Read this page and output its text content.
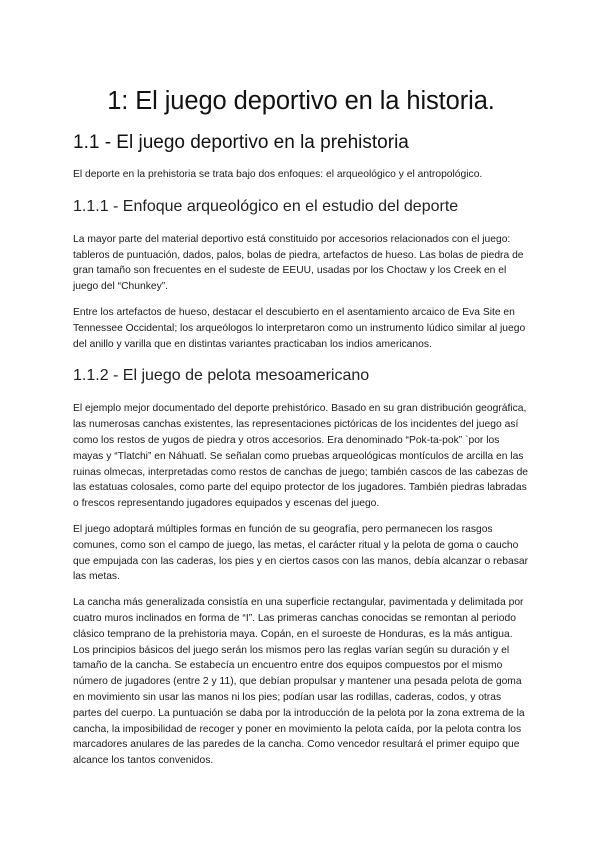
1: El juego deportivo en la historia.
1.1 - El juego deportivo en la prehistoria

El deporte en la prehistoria se trata bajo dos enfoques: el arqueológico y el antropológico.

1.1.1 - Enfoque arqueológico en el estudio del deporte

La mayor parte del material deportivo está constituido por accesorios relacionados con el juego: tableros de puntuación, dados, palos, bolas de piedra, artefactos de hueso. Las bolas de piedra de gran tamaño son frecuentes en el sudeste de EEUU, usadas por los Choctaw y los Creek en el juego del “Chunkey”.

Entre los artefactos de hueso, destacar el descubierto en el asentamiento arcaico de Eva Site en Tennessee Occidental; los arqueólogos lo interpretaron como un instrumento lúdico similar al juego del anillo y varilla que en distintas variantes practicaban los indios americanos.

1.1.2 - El juego de pelota mesoamericano

El ejemplo mejor documentado del deporte prehistórico. Basado en su gran distribución geográfica, las numerosas canchas existentes, las representaciones pictóricas de los incidentes del juego así como los restos de yugos de piedra y otros accesorios. Era denominado “Pok-ta-pok” `por los mayas y “Tlatchi” en Náhuatl. Se señalan como pruebas arqueológicas montículos de arcilla en las ruinas olmecas, interpretadas como restos de canchas de juego; también cascos de las cabezas de las estatuas colosales, como parte del equipo protector de los jugadores. También piedras labradas o frescos representando jugadores equipados y escenas del juego.

El juego adoptará múltiples formas en función de su geografía, pero permanecen los rasgos comunes, como son el campo de juego, las metas, el carácter ritual y la pelota de goma o caucho que empujada con las caderas, los pies y en ciertos casos con las manos, debía alcanzar o rebasar las metas.

La cancha más generalizada consistía en una superficie rectangular, pavimentada y delimitada por cuatro muros inclinados en forma de “I”. Las primeras canchas conocidas se remontan al periodo clásico temprano de la prehistoria maya. Copán, en el suroeste de Honduras, es la más antigua. Los principios básicos del juego serán los mismos pero las reglas varían según su duración y el tamaño de la cancha. Se estabecía un encuentro entre dos equipos compuestos por el mismo número de jugadores (entre 2 y 11), que debían propulsar y mantener una pesada pelota de goma en movimiento sin usar las manos ni los pies; podían usar las rodillas, caderas, codos, y otras partes del cuerpo. La puntuación se daba por la introducción de la pelota por la zona extrema de la cancha, la imposibilidad de recoger y poner en movimiento la pelota caída, por la pelota contra los marcadores anulares de las paredes de la cancha. Como vencedor resultará el primer equipo que alcance los tantos convenidos.
